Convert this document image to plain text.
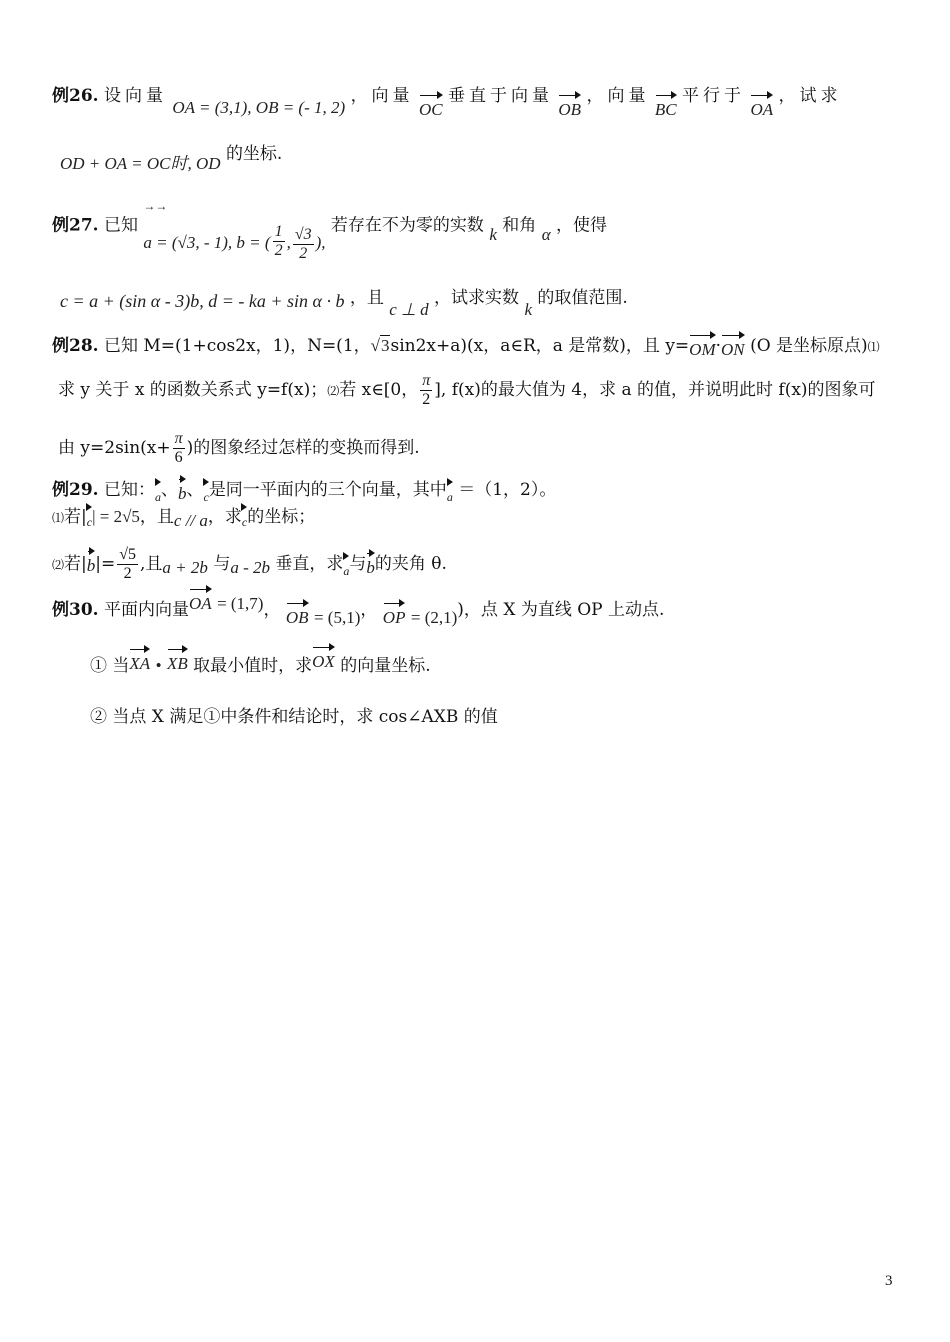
例26. 设向量 OA = (3,1), OB = (- 1, 2) ，向量 OC 垂直于向量 OB ，向量 BC 平行于 OA ，试求
OD + OA = OC时, OD 的坐标.
例27. 已知
→→
a = (√3, - 1), b = ( $\frac{1}{2}$ , $\frac{√3}{2}$ ), 若存在不为零的实数 k 和角 α ，使得
c = a + (sin α - 3)b, d = - ka + sin α · b ，且 c ⊥ d ，试求实数 k 的取值范围.
例28. 已知 M=(1+cos2x，1)，N=(1，√3sin2x+a)(x，a∈R，a 是常数)，且 y=OM·ON (O 是坐标原点)⑴
求 y 关于 x 的函数关系式 y=f(x)；⑵若 x∈[0， $\frac{\pi}{2}$ ], f(x)的最大值为 4，求 a 的值，并说明此时 f(x)的图象可
由 $y=2\sin(x+ \frac{\pi}{6}$ )的图象经过怎样的变换而得到.
例29. 已知：a、b、c是同一平面内的三个向量，其中a ＝（1，2）。
⑴若|c| = 2√5，且c // a，求c的坐标；
⑵若$|b|= \frac{√5}{2}$ ,且a + 2b 与a - 2b 垂直，求a与b的夹角 θ.
例30. 平面内向量OA = (1,7)， OB = (5,1)， OP = (2,1))，点 X 为直线 OP 上动点.
① 当XA • XB 取最小值时，求OX 的向量坐标.
② 当点 X 满足①中条件和结论时，求 cos∠AXB 的值
3
